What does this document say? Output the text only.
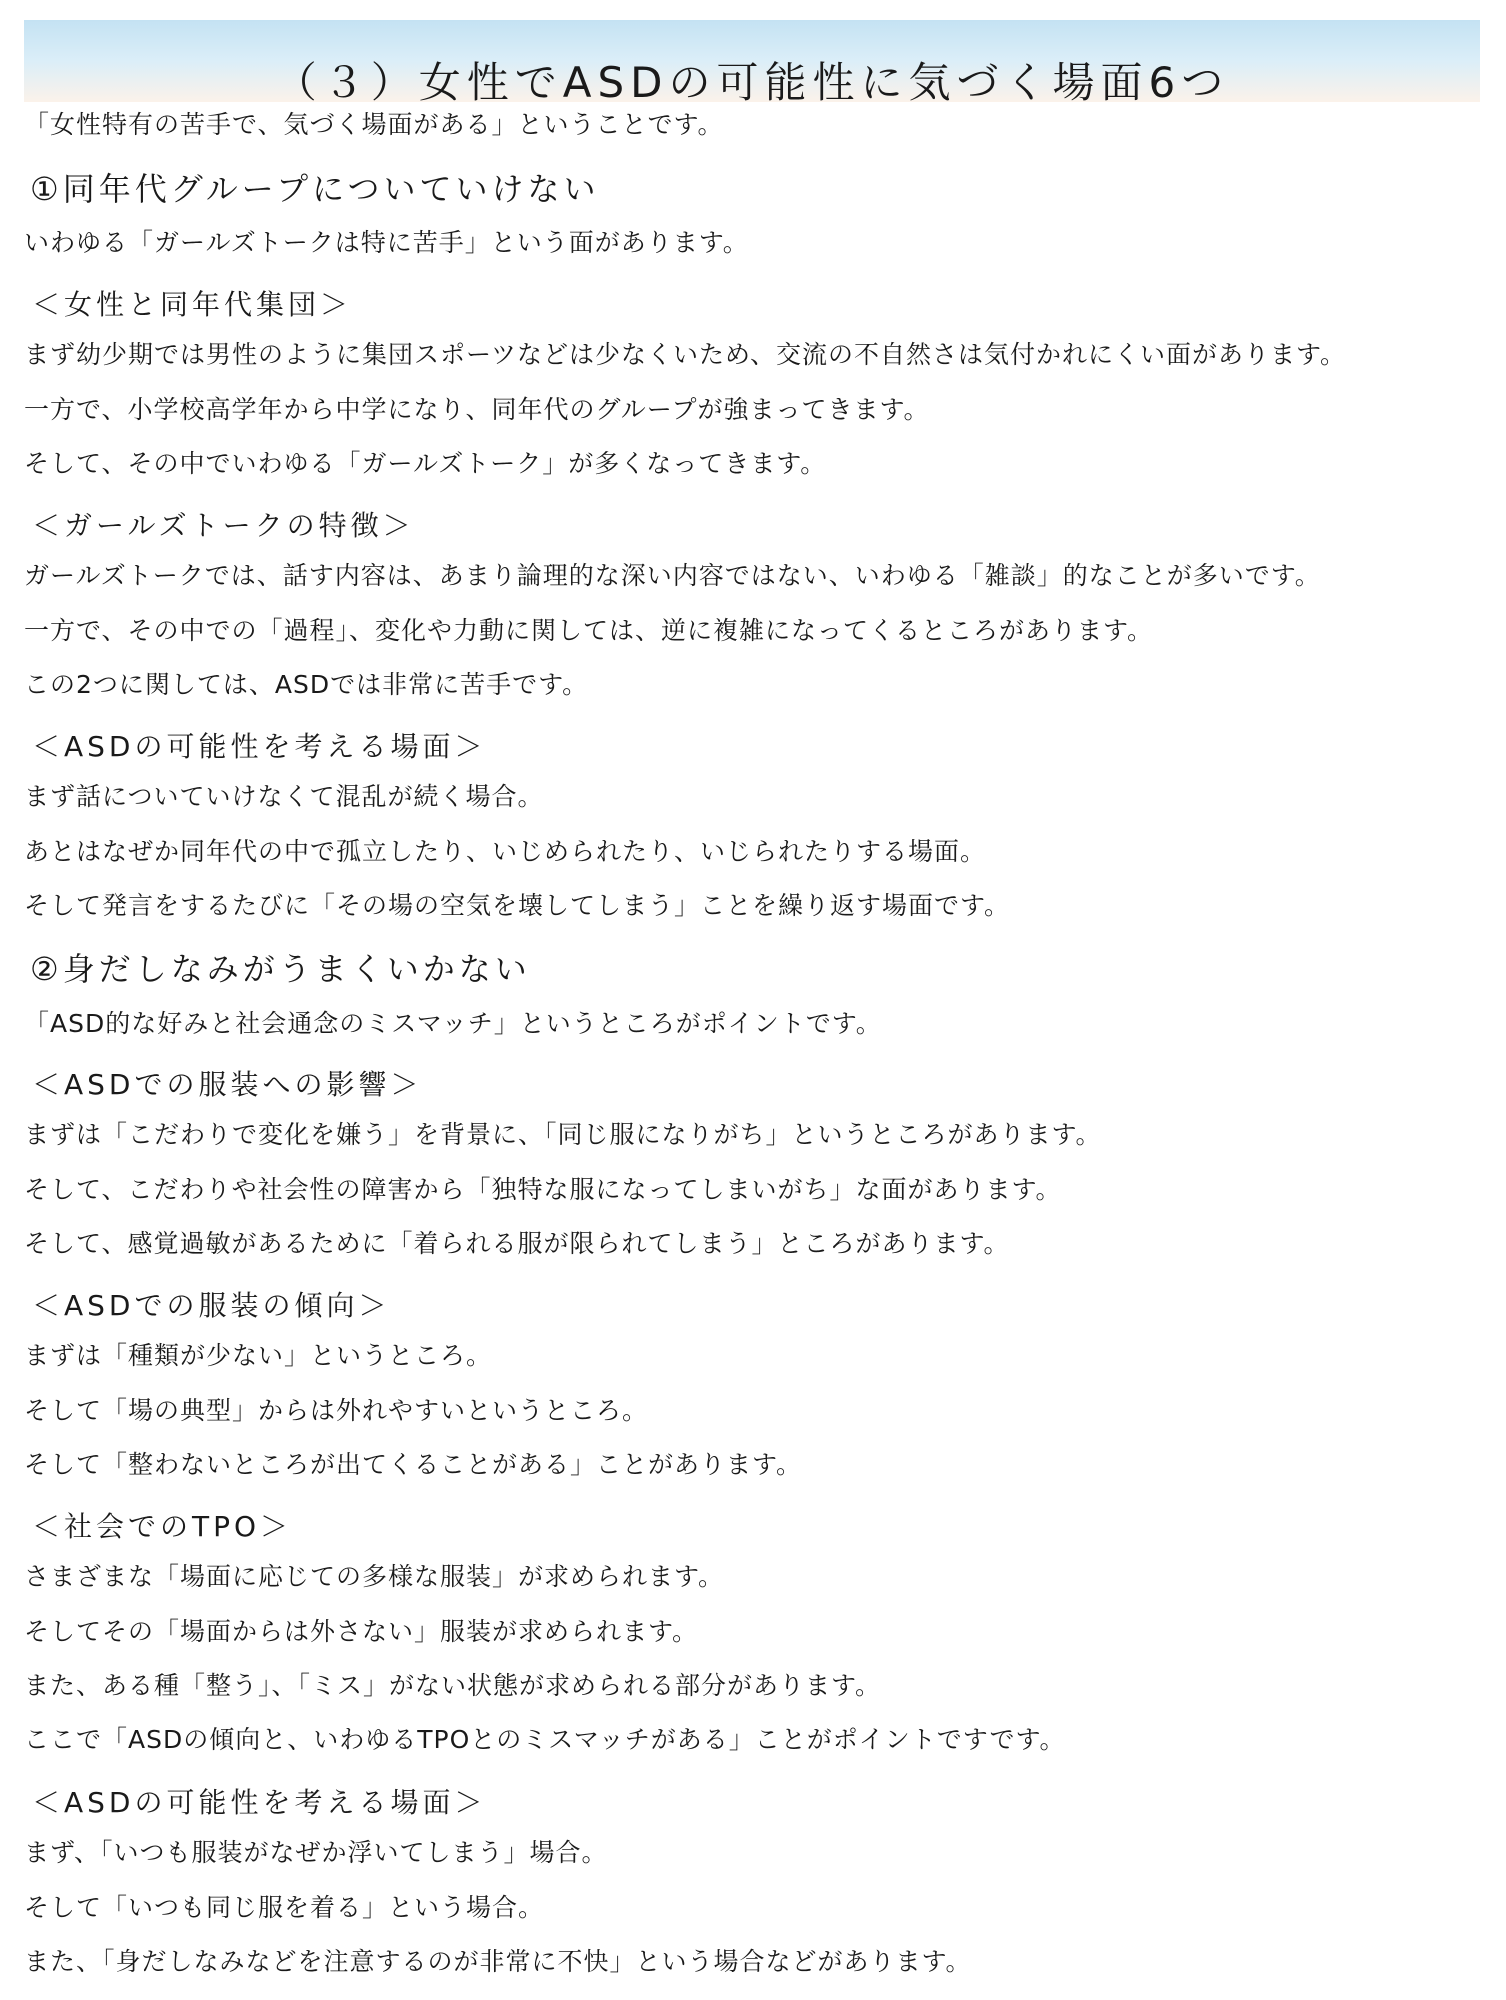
（３）女性でASDの可能性に気づく場面6つ
「女性特有の苦手で、気づく場面がある」ということです。
①同年代グループについていけない
いわゆる「ガールズトークは特に苦手」という面があります。
＜女性と同年代集団＞
まず幼少期では男性のように集団スポーツなどは少なくいため、交流の不自然さは気付かれにくい面があります。
一方で、小学校高学年から中学になり、同年代のグループが強まってきます。
そして、その中でいわゆる「ガールズトーク」が多くなってきます。
＜ガールズトークの特徴＞
ガールズトークでは、話す内容は、あまり論理的な深い内容ではない、いわゆる「雑談」的なことが多いです。
一方で、その中での「過程」、変化や力動に関しては、逆に複雑になってくるところがあります。
この2つに関しては、ASDでは非常に苦手です。
＜ASDの可能性を考える場面＞
まず話についていけなくて混乱が続く場合。
あとはなぜか同年代の中で孤立したり、いじめられたり、いじられたりする場面。
そして発言をするたびに「その場の空気を壊してしまう」ことを繰り返す場面です。
②身だしなみがうまくいかない
「ASD的な好みと社会通念のミスマッチ」というところがポイントです。
＜ASDでの服装への影響＞
まずは「こだわりで変化を嫌う」を背景に、「同じ服になりがち」というところがあります。
そして、こだわりや社会性の障害から「独特な服になってしまいがち」な面があります。
そして、感覚過敏があるために「着られる服が限られてしまう」ところがあります。
＜ASDでの服装の傾向＞
まずは「種類が少ない」というところ。
そして「場の典型」からは外れやすいというところ。
そして「整わないところが出てくることがある」ことがあります。
＜社会でのTPO＞
さまざまな「場面に応じての多様な服装」が求められます。
そしてその「場面からは外さない」服装が求められます。
また、ある種「整う」、「ミス」がない状態が求められる部分があります。
ここで「ASDの傾向と、いわゆるTPOとのミスマッチがある」ことがポイントですです。
＜ASDの可能性を考える場面＞
まず、「いつも服装がなぜか浮いてしまう」場合。
そして「いつも同じ服を着る」という場合。
また、「身だしなみなどを注意するのが非常に不快」という場合などがあります。
